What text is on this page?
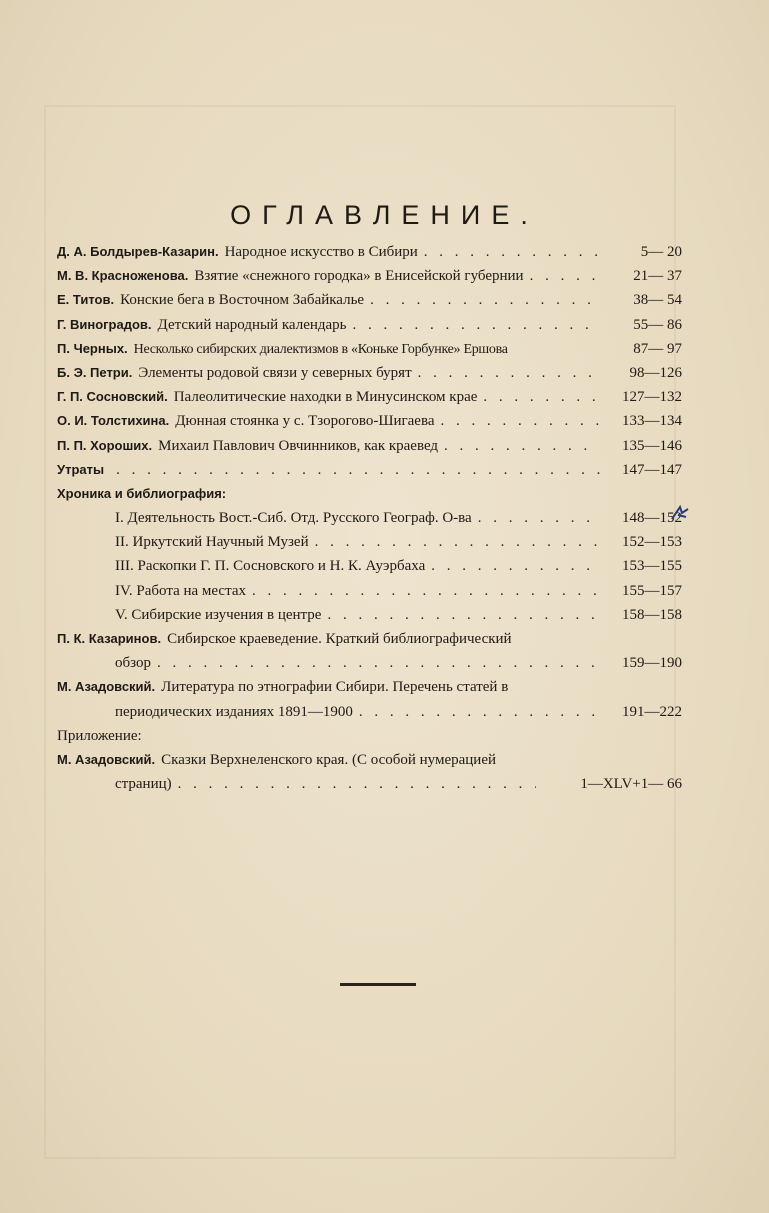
ОГЛАВЛЕНИЕ.
Д. А. Болдырев-Казарин. Народное искусство в Сибири . . .	5— 20
М. В. Красноженова. Взятие «снежного городка» в Енисейской губернии . . .	21— 37
Е. Титов. Конские бега в Восточном Забайкалье . . .	38— 54
Г. Виноградов. Детский народный календарь . . .	55— 86
П. Черных. Несколько сибирских диалектизмов в «Коньке Горбунке» Ершова	87— 97
Б. Э. Петри. Элементы родовой связи у северных бурят . . .	98—126
Г. П. Сосновский. Палеолитические находки в Минусинском крае . . .	127—132
О. И. Толстихина. Дюнная стоянка у с. Тзорогово-Шигаева . . .	133—134
П. П. Хороших. Михаил Павлович Овчинников, как краевед . . .	135—146
Утраты . . .	147—147
Хроника и библиография:
I. Деятельность Вост.-Сиб. Отд. Русского Географ. О-ва . . .	148—152
II. Иркутский Научный Музей . . .	152—153
III. Раскопки Г. П. Сосновского и Н. К. Ауэрбаха . . .	153—155
IV. Работа на местах . . .	155—157
V. Сибирские изучения в центре . . .	158—158
П. К. Казаринов. Сибирское краеведение. Краткий библиографический
обзор . . .	159—190
М. Азадовский. Литература по этнографии Сибири. Перечень статей в
периодических изданиях 1891—1900 . . .	191—222
Приложение:
М. Азадовский. Сказки Верхнеленского края. (С особой нумерацией
страниц) . . .	1—XLV+1— 66
